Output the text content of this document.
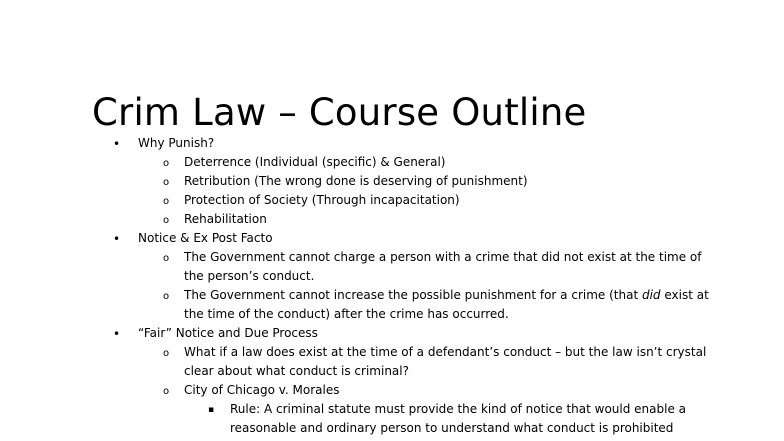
Crim Law – Course Outline
• Why Punish?
o Deterrence (Individual (specific) & General)
o Retribution (The wrong done is deserving of punishment)
o Protection of Society (Through incapacitation)
o Rehabilitation
• Notice & Ex Post Facto
o The Government cannot charge a person with a crime that did not exist at the time of
the person’s conduct.
o The Government cannot increase the possible punishment for a crime (that did exist at
the time of the conduct) after the crime has occurred.
• “Fair” Notice and Due Process
o What if a law does exist at the time of a defendant’s conduct – but the law isn’t crystal
clear about what conduct is criminal?
o City of Chicago v. Morales
▪ Rule: A criminal statute must provide the kind of notice that would enable a
reasonable and ordinary person to understand what conduct is prohibited
